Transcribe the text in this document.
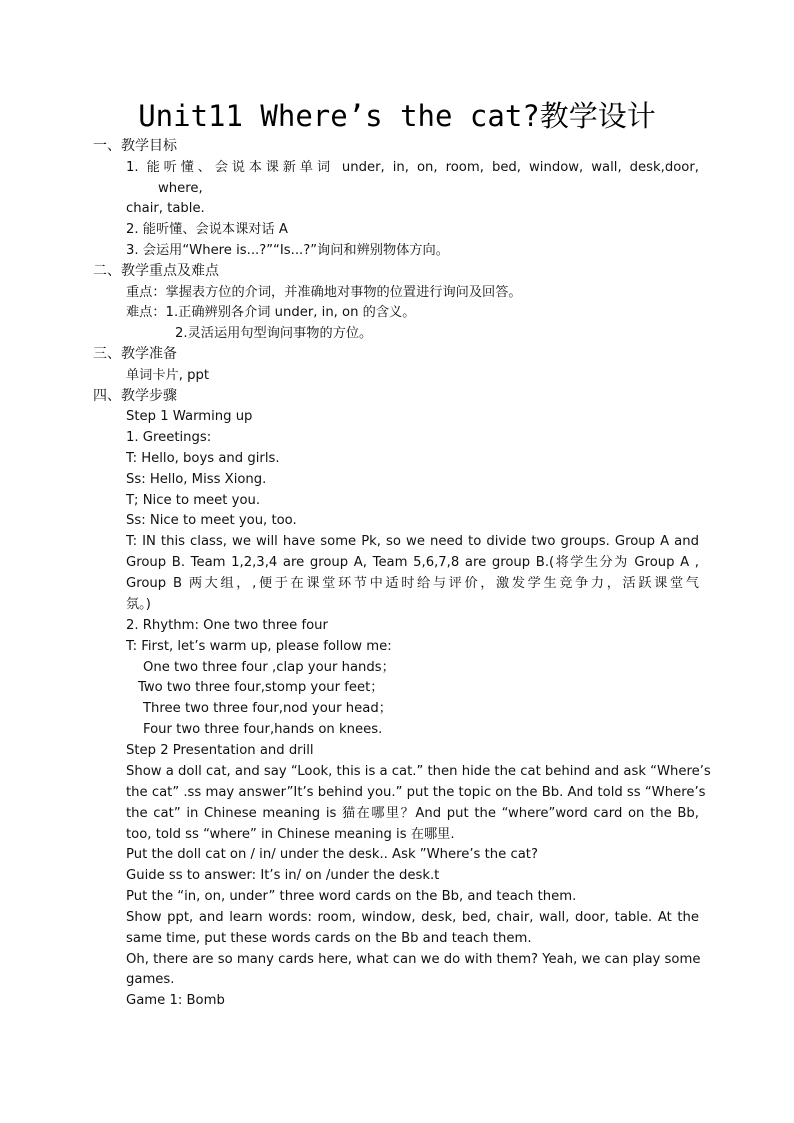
Unit11 Where’s the cat?教学设计
一、教学目标
1. 能听懂、会说本课新单词 under, in, on, room, bed, window, wall, desk,door,
where,
chair, table.
2. 能听懂、会说本课对话 A
3. 会运用“Where is...?”“Is...?”询问和辨别物体方向。
二、教学重点及难点
重点：掌握表方位的介词，并准确地对事物的位置进行询问及回答。
难点：1.正确辨别各介词 under, in, on 的含义。
2.灵活运用句型询问事物的方位。
三、教学准备
单词卡片, ppt
四、教学步骤
Step 1 Warming up
1. Greetings:
T: Hello, boys and girls.
Ss: Hello, Miss Xiong.
T; Nice to meet you.
Ss: Nice to meet you, too.
T: IN this class, we will have some Pk, so we need to divide two groups. Group A and
Group B. Team 1,2,3,4 are group A, Team 5,6,7,8 are group B.(将学生分为 Group A ,
Group B 两大组，,便于在课堂环节中适时给与评价，激发学生竞争力，活跃课堂气
氛。)
2. Rhythm: One two three four
T: First, let’s warm up, please follow me:
One two three four ,clap your hands；
Two two three four,stomp your feet；
Three two three four,nod your head；
Four two three four,hands on knees.
Step 2 Presentation and drill
Show a doll cat, and say “Look, this is a cat.” then hide the cat behind and ask “Where’s
the cat” .ss may answer”It’s behind you.” put the topic on the Bb. And told ss “Where’s
the cat” in Chinese meaning is 猫在哪里？And put the “where”word card on the Bb,
too, told ss “where” in Chinese meaning is 在哪里.
Put the doll cat on / in/ under the desk.. Ask ”Where’s the cat?
Guide ss to answer: It’s in/ on /under the desk.t
Put the “in, on, under” three word cards on the Bb, and teach them.
Show ppt, and learn words: room, window, desk, bed, chair, wall, door, table. At the
same time, put these words cards on the Bb and teach them.
Oh, there are so many cards here, what can we do with them? Yeah, we can play some
games.
Game 1: Bomb
